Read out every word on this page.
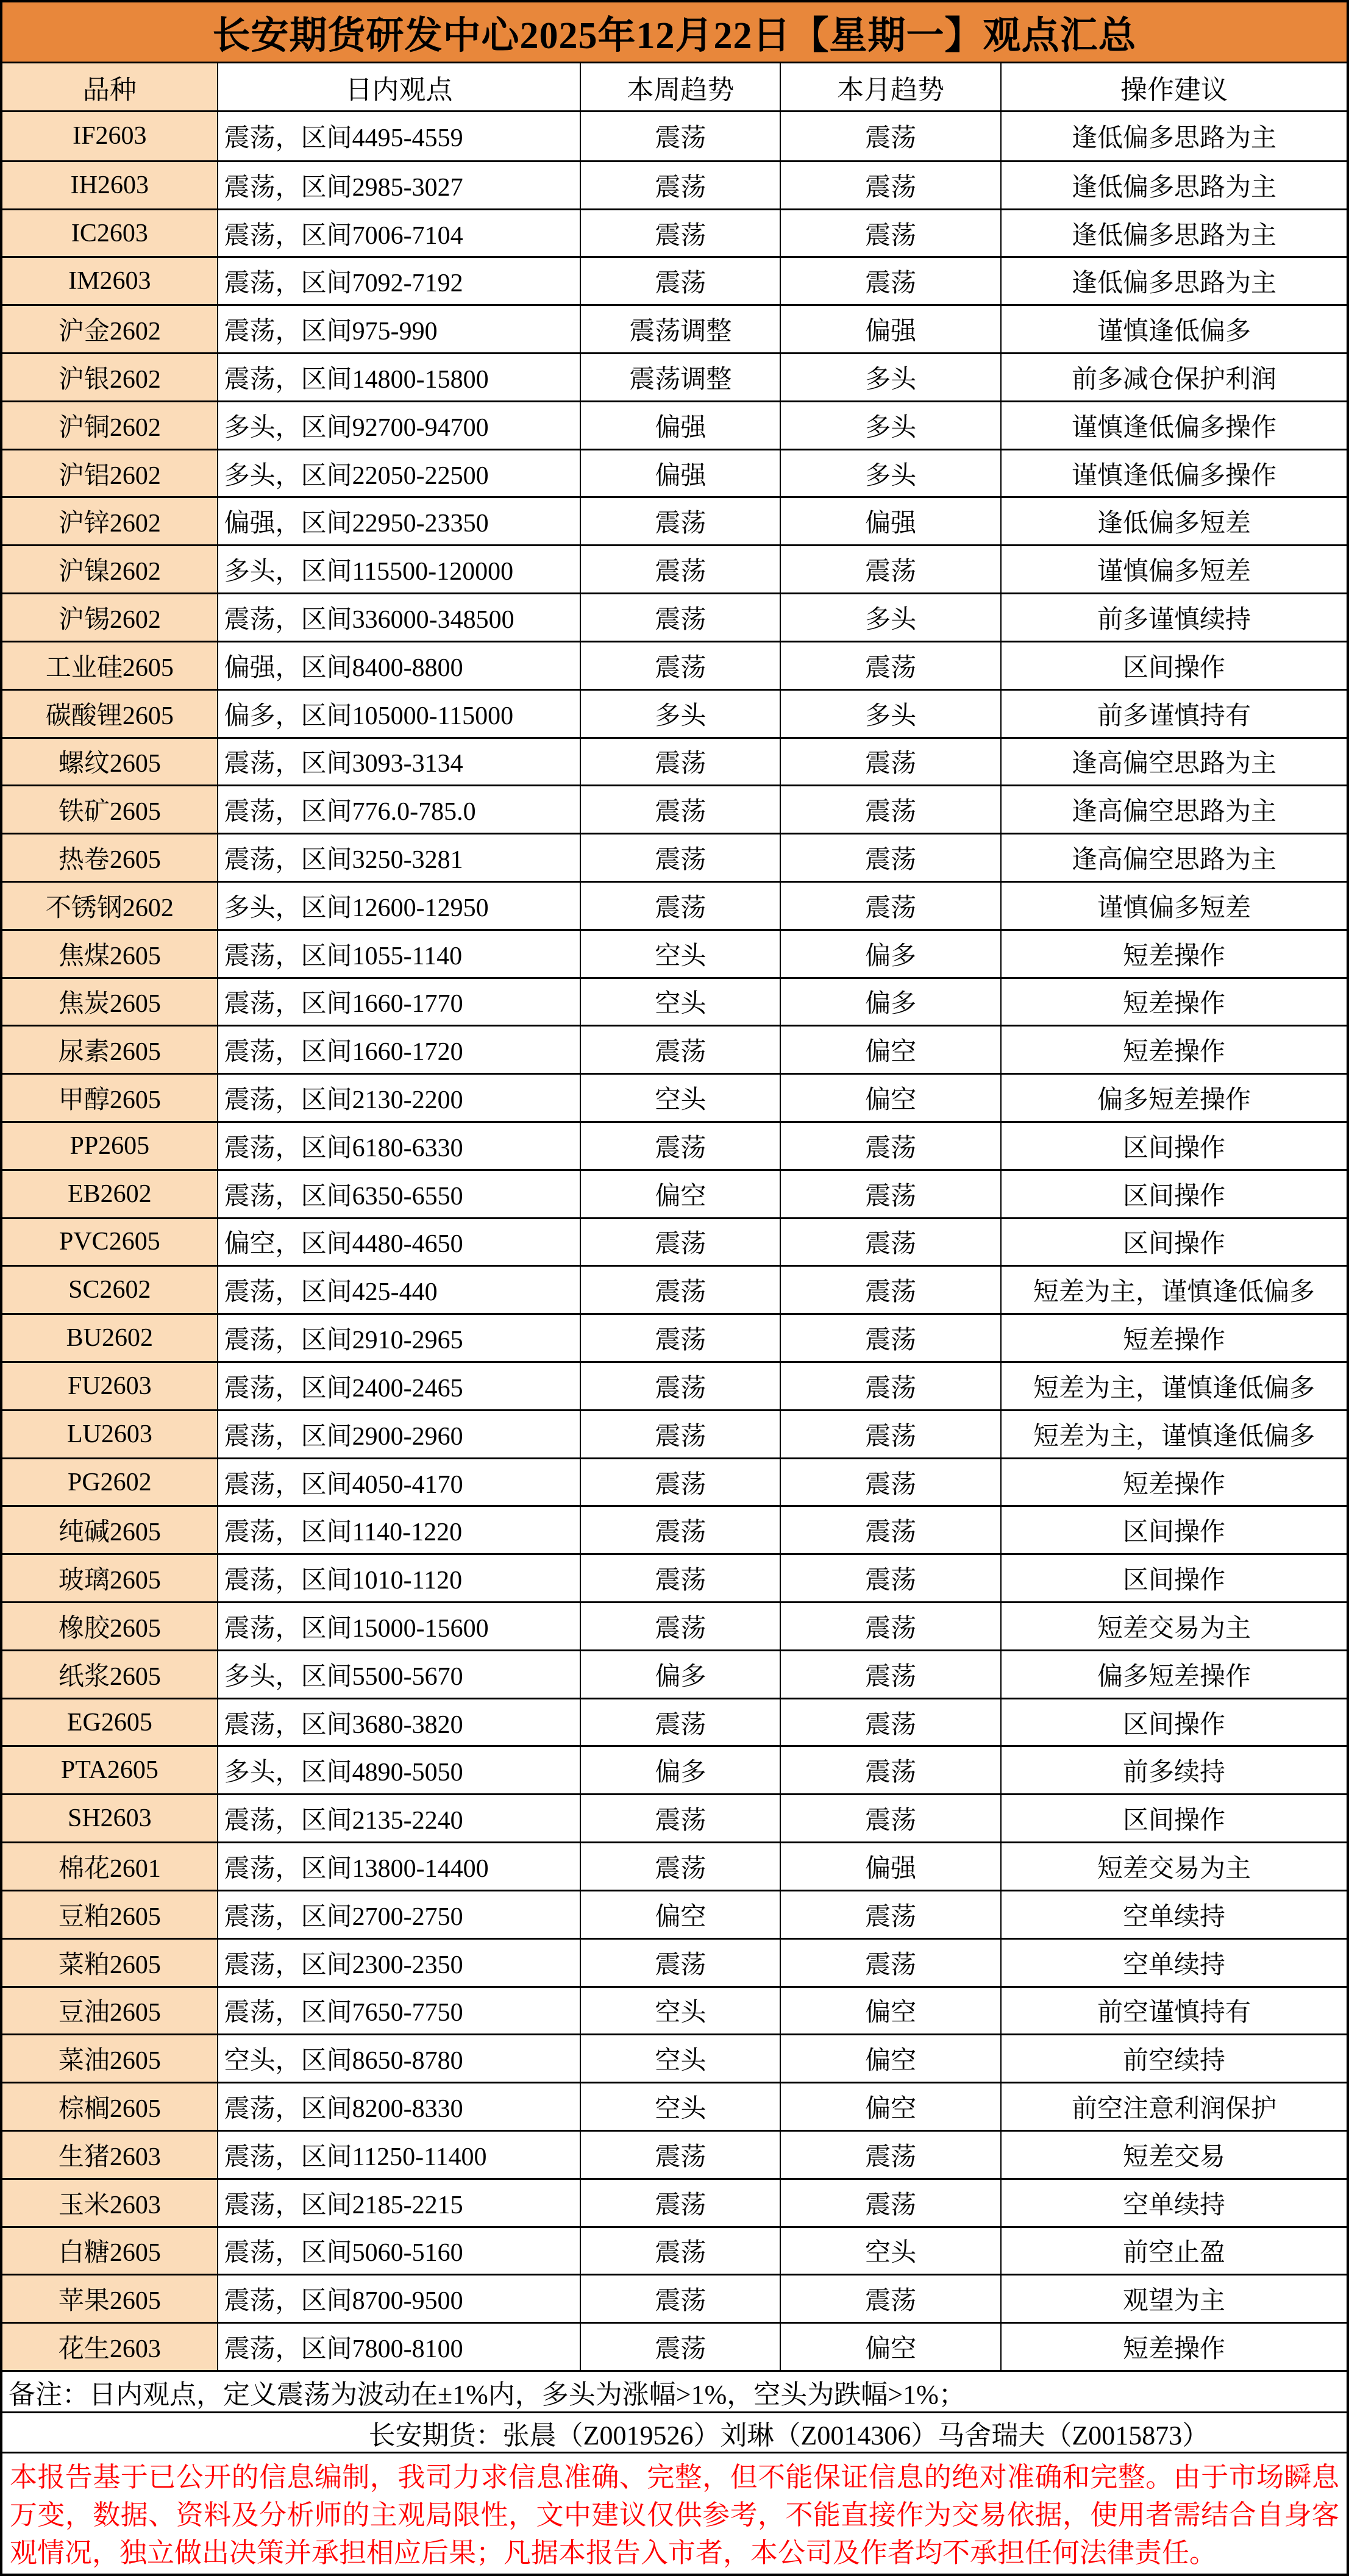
长安期货研发中心2025年12月22日【星期一】观点汇总
品种	日内观点	本周趋势	本月趋势	操作建议
IF2603	震荡，区间4495-4559	震荡	震荡	逢低偏多思路为主
IH2603	震荡，区间2985-3027	震荡	震荡	逢低偏多思路为主
IC2603	震荡，区间7006-7104	震荡	震荡	逢低偏多思路为主
IM2603	震荡，区间7092-7192	震荡	震荡	逢低偏多思路为主
沪金2602	震荡，区间975-990	震荡调整	偏强	谨慎逢低偏多
沪银2602	震荡，区间14800-15800	震荡调整	多头	前多减仓保护利润
沪铜2602	多头，区间92700-94700	偏强	多头	谨慎逢低偏多操作
沪铝2602	多头，区间22050-22500	偏强	多头	谨慎逢低偏多操作
沪锌2602	偏强，区间22950-23350	震荡	偏强	逢低偏多短差
沪镍2602	多头，区间115500-120000	震荡	震荡	谨慎偏多短差
沪锡2602	震荡，区间336000-348500	震荡	多头	前多谨慎续持
工业硅2605	偏强，区间8400-8800	震荡	震荡	区间操作
碳酸锂2605	偏多，区间105000-115000	多头	多头	前多谨慎持有
螺纹2605	震荡，区间3093-3134	震荡	震荡	逢高偏空思路为主
铁矿2605	震荡，区间776.0-785.0	震荡	震荡	逢高偏空思路为主
热卷2605	震荡，区间3250-3281	震荡	震荡	逢高偏空思路为主
不锈钢2602	多头，区间12600-12950	震荡	震荡	谨慎偏多短差
焦煤2605	震荡，区间1055-1140	空头	偏多	短差操作
焦炭2605	震荡，区间1660-1770	空头	偏多	短差操作
尿素2605	震荡，区间1660-1720	震荡	偏空	短差操作
甲醇2605	震荡，区间2130-2200	空头	偏空	偏多短差操作
PP2605	震荡，区间6180-6330	震荡	震荡	区间操作
EB2602	震荡，区间6350-6550	偏空	震荡	区间操作
PVC2605	偏空，区间4480-4650	震荡	震荡	区间操作
SC2602	震荡，区间425-440	震荡	震荡	短差为主，谨慎逢低偏多
BU2602	震荡，区间2910-2965	震荡	震荡	短差操作
FU2603	震荡，区间2400-2465	震荡	震荡	短差为主，谨慎逢低偏多
LU2603	震荡，区间2900-2960	震荡	震荡	短差为主，谨慎逢低偏多
PG2602	震荡，区间4050-4170	震荡	震荡	短差操作
纯碱2605	震荡，区间1140-1220	震荡	震荡	区间操作
玻璃2605	震荡，区间1010-1120	震荡	震荡	区间操作
橡胶2605	震荡，区间15000-15600	震荡	震荡	短差交易为主
纸浆2605	多头，区间5500-5670	偏多	震荡	偏多短差操作
EG2605	震荡，区间3680-3820	震荡	震荡	区间操作
PTA2605	多头，区间4890-5050	偏多	震荡	前多续持
SH2603	震荡，区间2135-2240	震荡	震荡	区间操作
棉花2601	震荡，区间13800-14400	震荡	偏强	短差交易为主
豆粕2605	震荡，区间2700-2750	偏空	震荡	空单续持
菜粕2605	震荡，区间2300-2350	震荡	震荡	空单续持
豆油2605	震荡，区间7650-7750	空头	偏空	前空谨慎持有
菜油2605	空头，区间8650-8780	空头	偏空	前空续持
棕榈2605	震荡，区间8200-8330	空头	偏空	前空注意利润保护
生猪2603	震荡，区间11250-11400	震荡	震荡	短差交易
玉米2603	震荡，区间2185-2215	震荡	震荡	空单续持
白糖2605	震荡，区间5060-5160	震荡	空头	前空止盈
苹果2605	震荡，区间8700-9500	震荡	震荡	观望为主
花生2603	震荡，区间7800-8100	震荡	偏空	短差操作
备注：日内观点，定义震荡为波动在±1%内，多头为涨幅>1%，空头为跌幅>1%；
长安期货：张晨（Z0019526）刘琳（Z0014306）马舍瑞夫（Z0015873）
本报告基于已公开的信息编制，我司力求信息准确、完整，但不能保证信息的绝对准确和完整。由于市场瞬息万变，数据、资料及分析师的主观局限性，文中建议仅供参考，不能直接作为交易依据，使用者需结合自身客观情况，独立做出决策并承担相应后果；凡据本报告入市者，本公司及作者均不承担任何法律责任。
